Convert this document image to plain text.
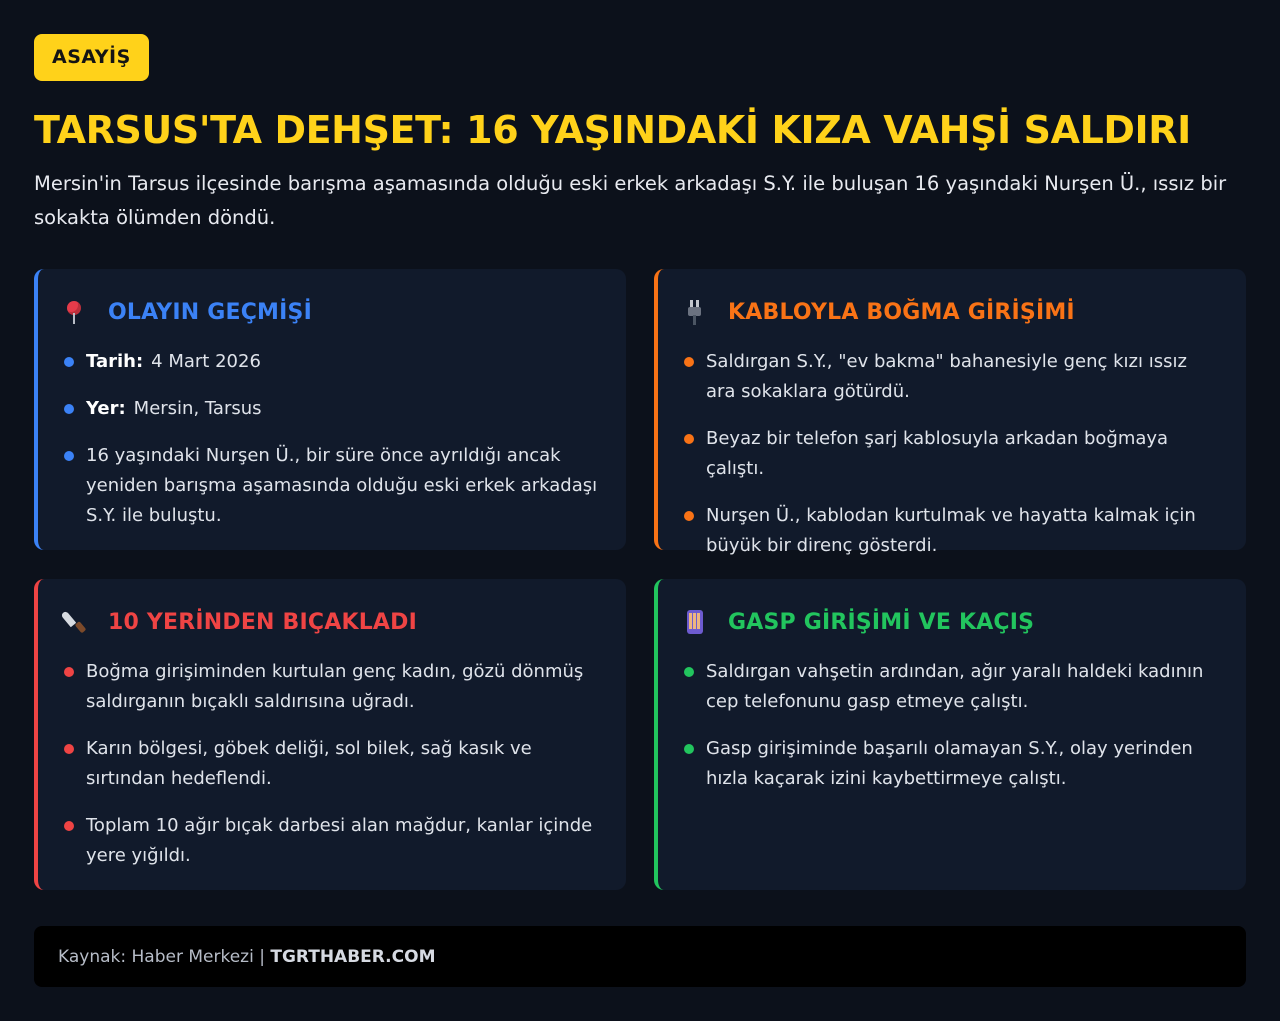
ASAYİŞ
TARSUS'TA DEHŞET: 16 YAŞINDAKİ KIZA VAHŞİ SALDIRI

Mersin'in Tarsus ilçesinde barışma aşamasında olduğu eski erkek arkadaşı S.Y. ile buluşan 16 yaşındaki Nurşen Ü., ıssız bir sokakta ölümden döndü.

OLAYIN GEÇMİŞİ
Tarih: 4 Mart 2026
Yer: Mersin, Tarsus
16 yaşındaki Nurşen Ü., bir süre önce ayrıldığı ancak yeniden barışma aşamasında olduğu eski erkek arkadaşı S.Y. ile buluştu.
KABLOYLA BOĞMA GİRİŞİMİ
Saldırgan S.Y., "ev bakma" bahanesiyle genç kızı ıssız ara sokaklara götürdü.
Beyaz bir telefon şarj kablosuyla arkadan boğmaya çalıştı.
Nurşen Ü., kablodan kurtulmak ve hayatta kalmak için büyük bir direnç gösterdi.
10 YERİNDEN BIÇAKLADI
Boğma girişiminden kurtulan genç kadın, gözü dönmüş saldırganın bıçaklı saldırısına uğradı.
Karın bölgesi, göbek deliği, sol bilek, sağ kasık ve sırtından hedeflendi.
Toplam 10 ağır bıçak darbesi alan mağdur, kanlar içinde yere yığıldı.
GASP GİRİŞİMİ VE KAÇIŞ
Saldırgan vahşetin ardından, ağır yaralı haldeki kadının cep telefonunu gasp etmeye çalıştı.
Gasp girişiminde başarılı olamayan S.Y., olay yerinden hızla kaçarak izini kaybettirmeye çalıştı.
Kaynak: Haber Merkezi |
TGRTHABER.COM
